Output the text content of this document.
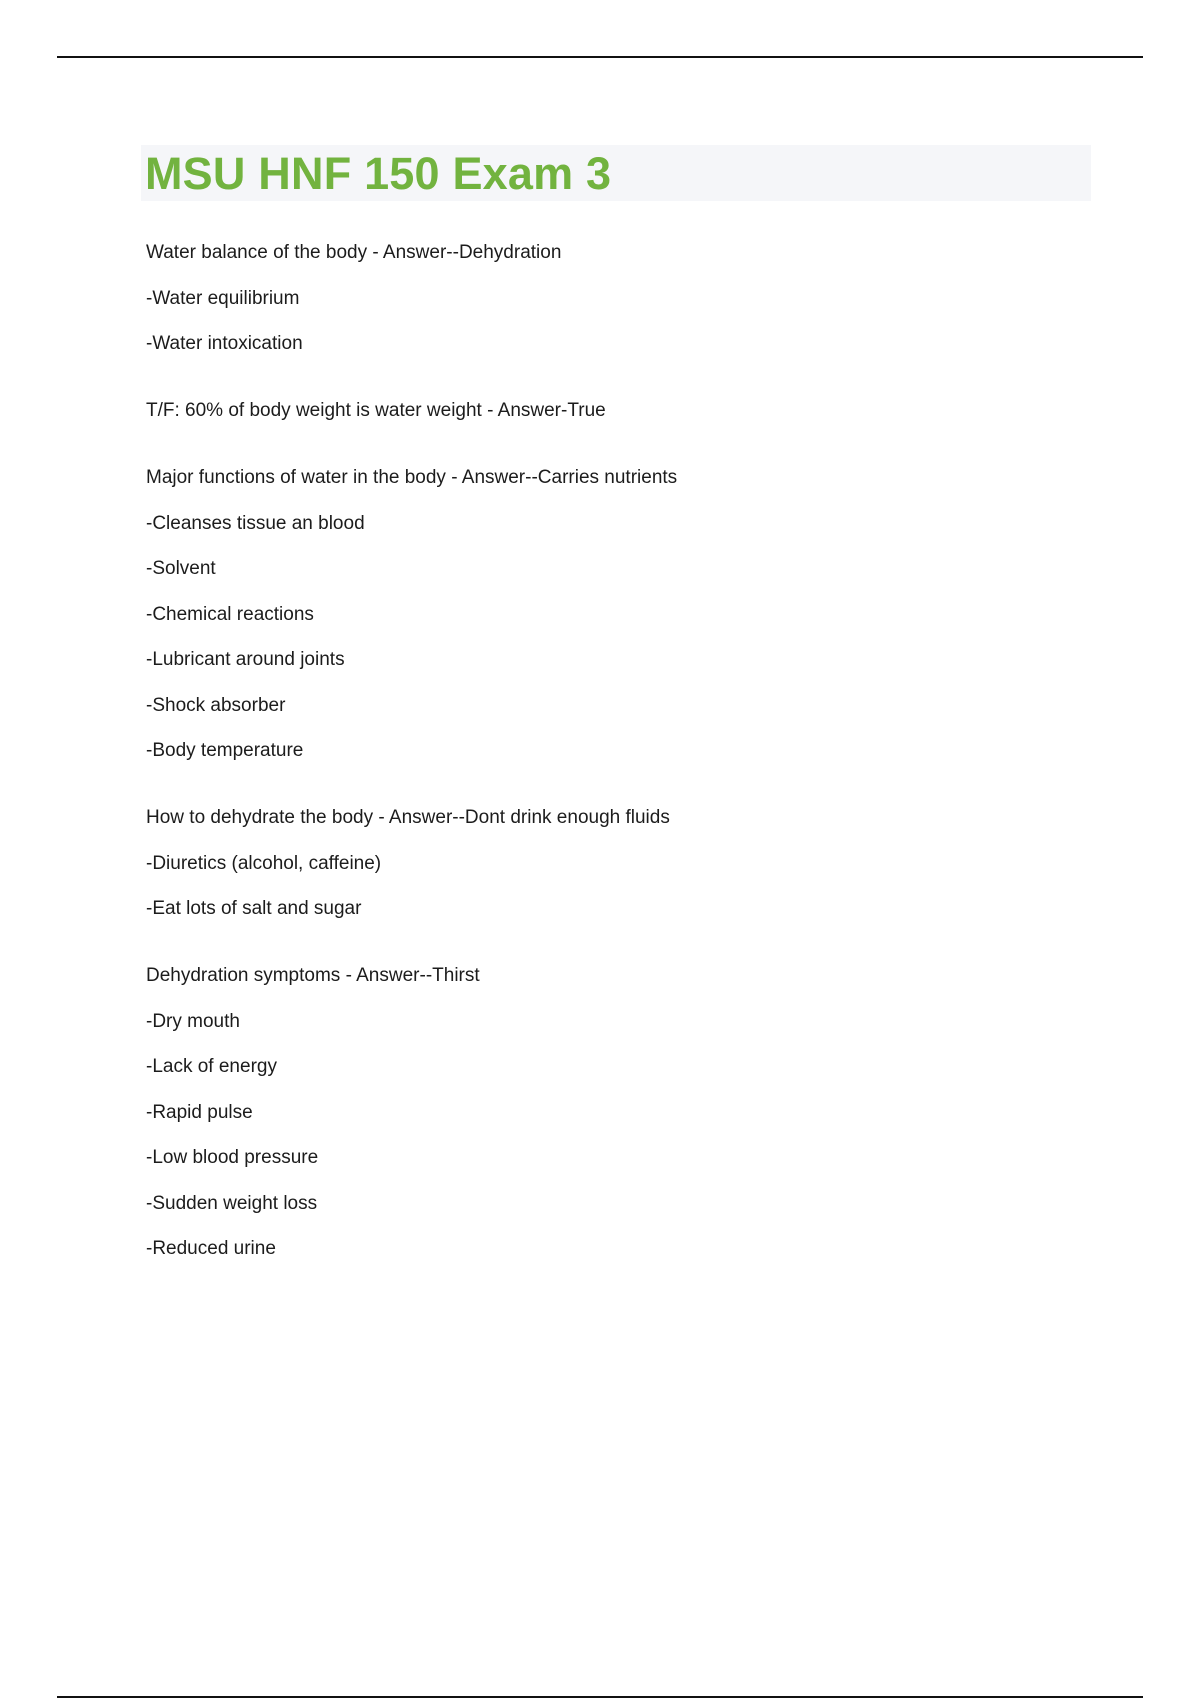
MSU HNF 150 Exam 3
Water balance of the body - Answer--Dehydration
-Water equilibrium
-Water intoxication
T/F: 60% of body weight is water weight - Answer-True
Major functions of water in the body - Answer--Carries nutrients
-Cleanses tissue an blood
-Solvent
-Chemical reactions
-Lubricant around joints
-Shock absorber
-Body temperature
How to dehydrate the body - Answer--Dont drink enough fluids
-Diuretics (alcohol, caffeine)
-Eat lots of salt and sugar
Dehydration symptoms - Answer--Thirst
-Dry mouth
-Lack of energy
-Rapid pulse
-Low blood pressure
-Sudden weight loss
-Reduced urine
